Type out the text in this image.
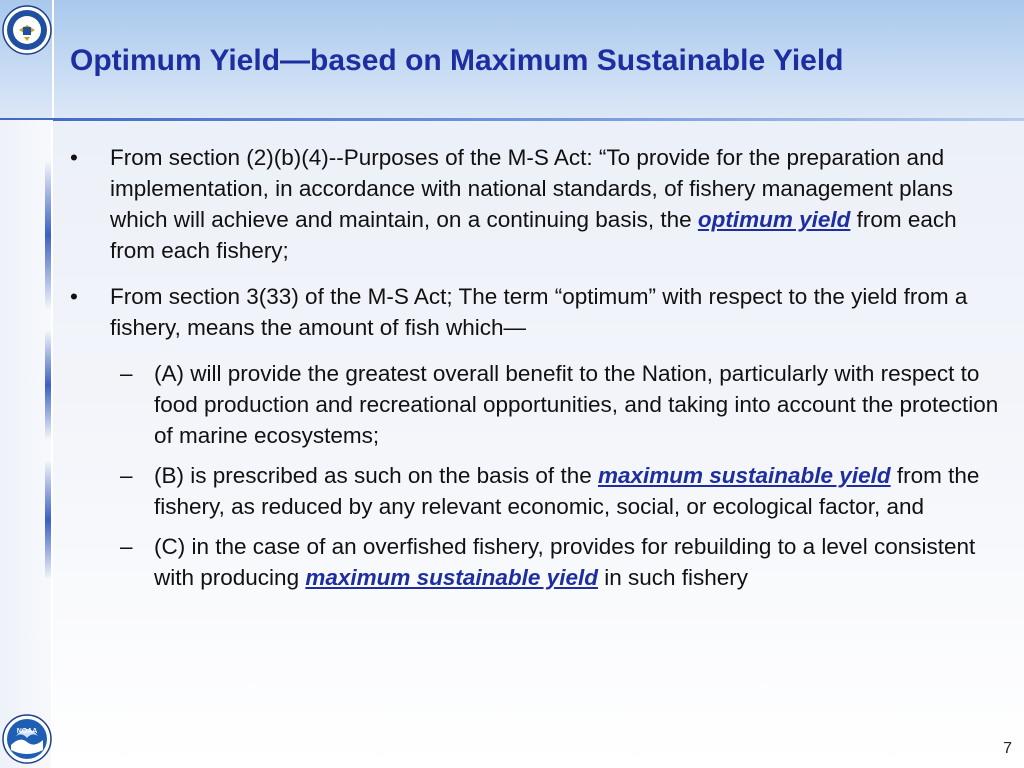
Optimum Yield—based on Maximum Sustainable Yield
• From section (2)(b)(4)--Purposes of the M-S Act: “To provide for the preparation and implementation, in accordance with national standards, of fishery management plans which will achieve and maintain, on a continuing basis, the optimum yield from each from each fishery;
• From section 3(33) of the M-S Act; The term “optimum” with respect to the yield from a fishery, means the amount of fish which—
– (A) will provide the greatest overall benefit to the Nation, particularly with respect to food production and recreational opportunities, and taking into account the protection of marine ecosystems;
– (B) is prescribed as such on the basis of the maximum sustainable yield from the fishery, as reduced by any relevant economic, social, or ecological factor, and
– (C) in the case of an overfished fishery, provides for rebuilding to a level consistent with producing maximum sustainable yield in such fishery
NOAA
7
